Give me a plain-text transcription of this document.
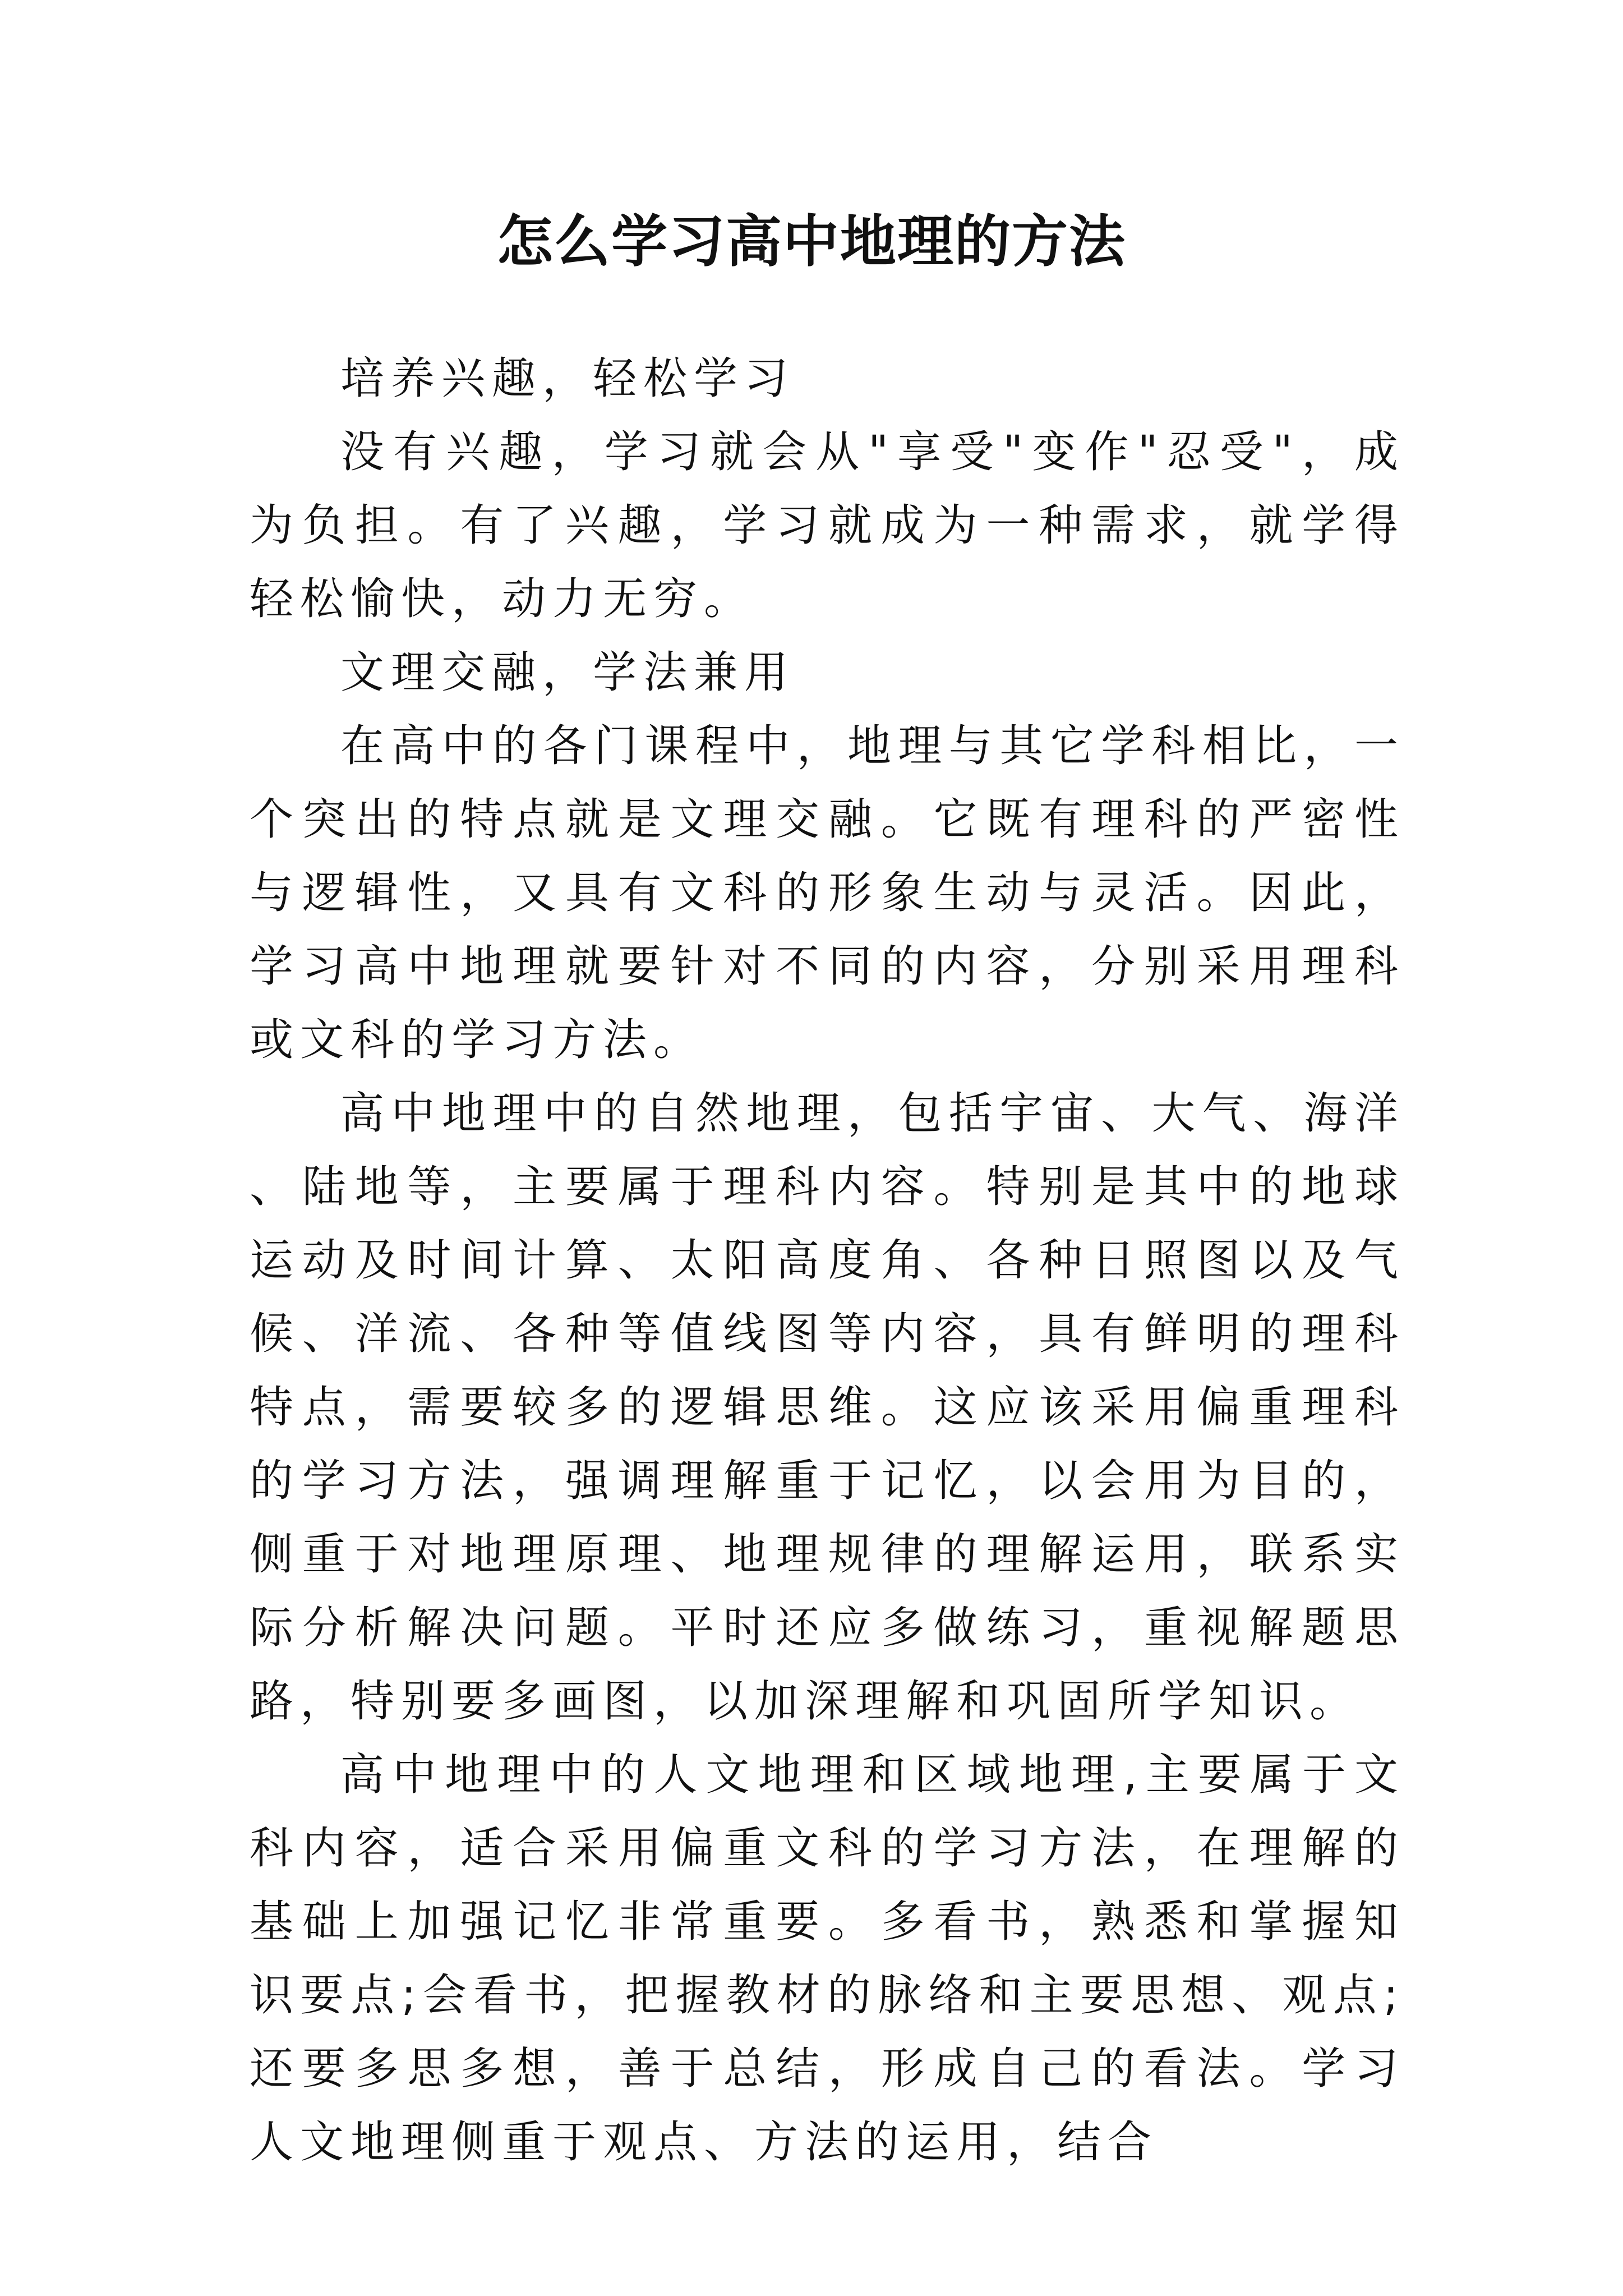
怎么学习高中地理的方法

培养兴趣，轻松学习

没有兴趣，学习就会从"享受"变作"忍受"，成为负担。有了兴趣，学习就成为一种需求，就学得轻松愉快，动力无穷。

文理交融，学法兼用

在高中的各门课程中，地理与其它学科相比，一个突出的特点就是文理交融。它既有理科的严密性与逻辑性，又具有文科的形象生动与灵活。因此，学习高中地理就要针对不同的内容，分别采用理科或文科的学习方法。

高中地理中的自然地理，包括宇宙、大气、海洋、陆地等，主要属于理科内容。特别是其中的地球运动及时间计算、太阳高度角、各种日照图以及气候、洋流、各种等值线图等内容，具有鲜明的理科特点，需要较多的逻辑思维。这应该采用偏重理科的学习方法，强调理解重于记忆，以会用为目的，侧重于对地理原理、地理规律的理解运用，联系实际分析解决问题。平时还应多做练习，重视解题思路，特别要多画图，以加深理解和巩固所学知识。

高中地理中的人文地理和区域地理,主要属于文科内容，适合采用偏重文科的学习方法，在理解的基础上加强记忆非常重要。多看书，熟悉和掌握知识要点;会看书，把握教材的脉络和主要思想、观点;还要多思多想，善于总结，形成自己的看法。学习人文地理侧重于观点、方法的运用，结合
